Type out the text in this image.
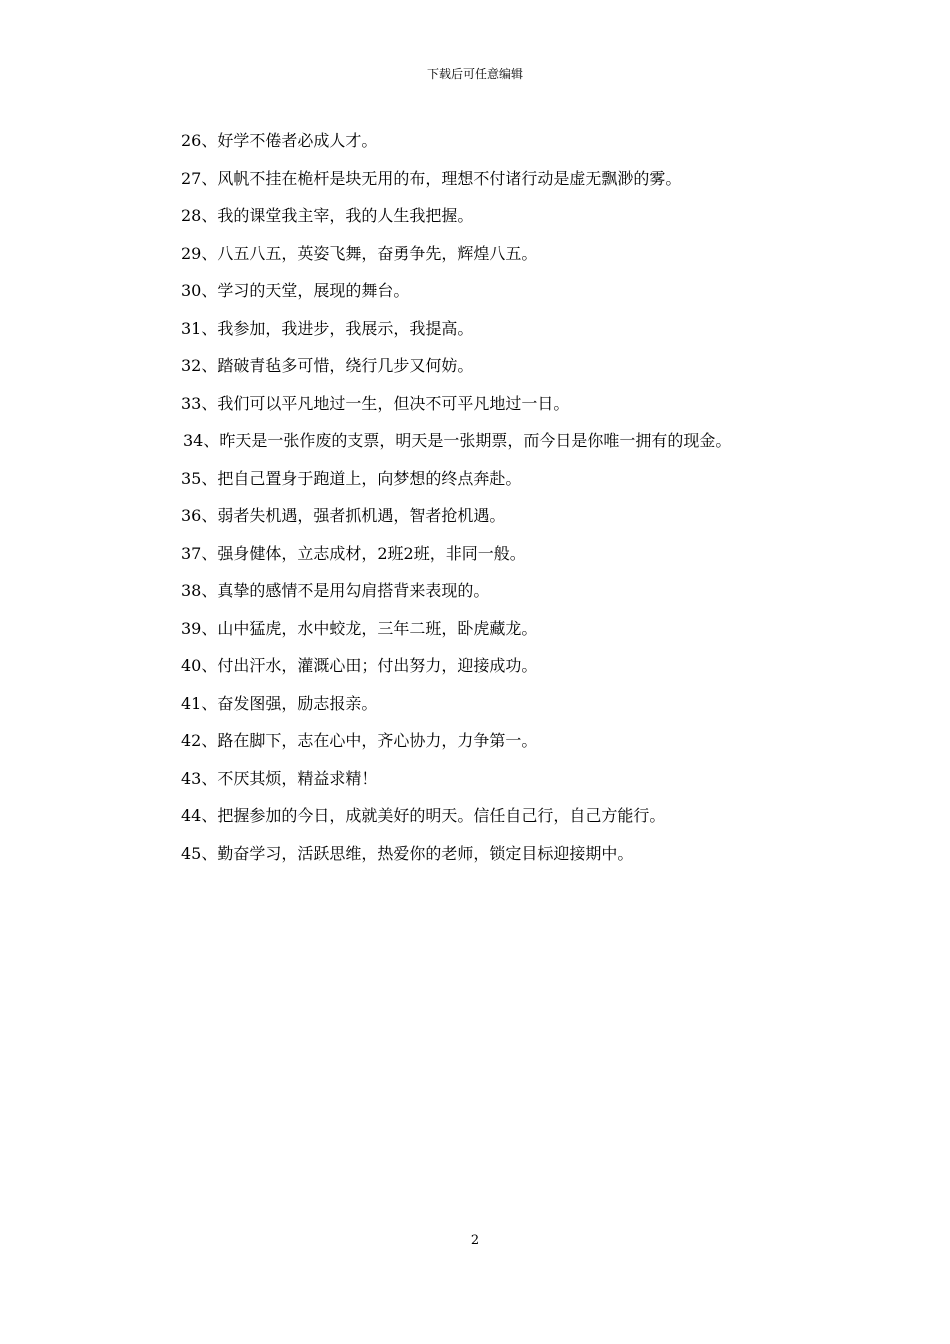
下载后可任意编辑
26、好学不倦者必成人才。
27、风帆不挂在桅杆是块无用的布，理想不付诸行动是虚无飘渺的雾。
28、我的课堂我主宰，我的人生我把握。
29、八五八五，英姿飞舞，奋勇争先，辉煌八五。
30、学习的天堂，展现的舞台。
31、我参加，我进步，我展示，我提高。
32、踏破青毡多可惜，绕行几步又何妨。
33、我们可以平凡地过一生，但决不可平凡地过一日。
34、昨天是一张作废的支票，明天是一张期票，而今日是你唯一拥有的现金。
35、把自己置身于跑道上，向梦想的终点奔赴。
36、弱者失机遇，强者抓机遇，智者抢机遇。
37、强身健体，立志成材，2班2班，非同一般。
38、真挚的感情不是用勾肩搭背来表现的。
39、山中猛虎，水中蛟龙，三年二班，卧虎藏龙。
40、付出汗水，灌溉心田；付出努力，迎接成功。
41、奋发图强，励志报亲。
42、路在脚下，志在心中，齐心协力，力争第一。
43、不厌其烦，精益求精！
44、把握参加的今日，成就美好的明天。信任自己行，自己方能行。
45、勤奋学习，活跃思维，热爱你的老师，锁定目标迎接期中。
2
